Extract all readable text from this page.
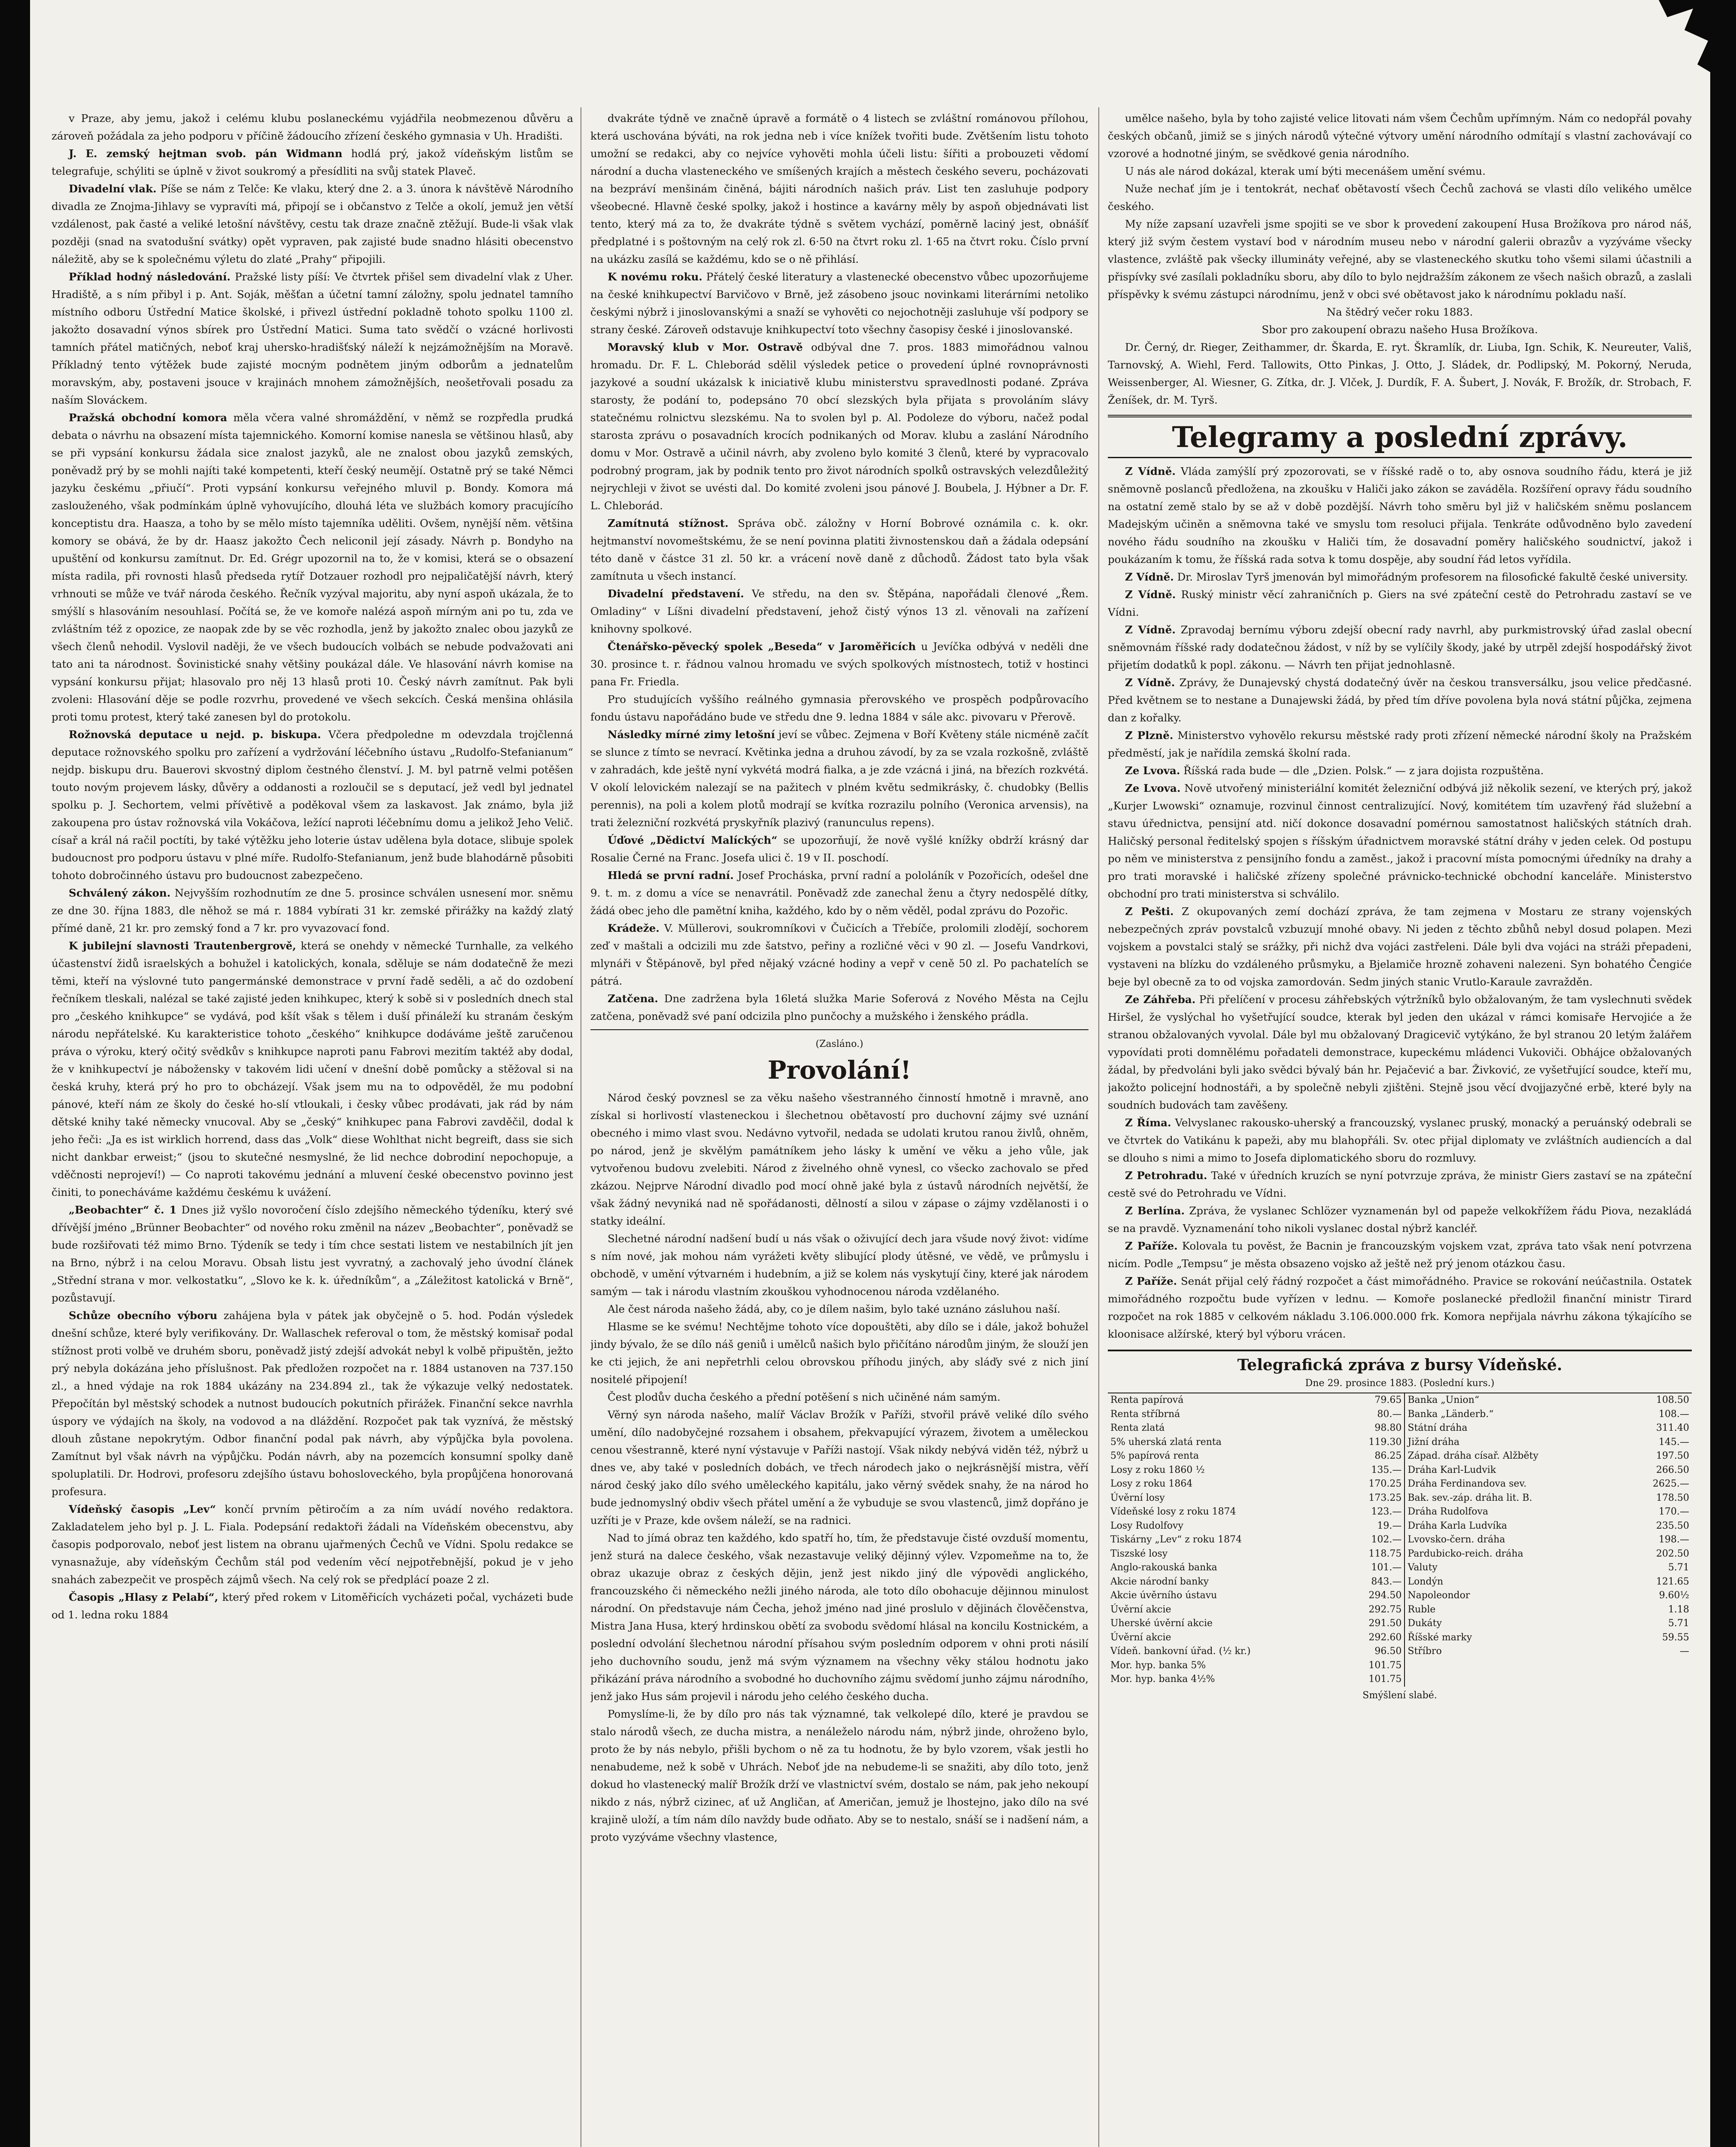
v Praze, aby jemu, jakož i celému klubu poslaneckému vyjádřila neobmezenou důvěru a zároveň požádala za jeho podporu v příčině žádoucího zřízení českého gymnasia v Uh. Hradišti.

J. E. zemský hejtman svob. pán Widmann hodlá prý, jakož vídeňským listům se telegrafuje, schýliti se úplně v život soukromý a přesídliti na svůj statek Plaveč.

Divadelní vlak. Píše se nám z Telče: Ke vlaku, který dne 2. a 3. února k návštěvě Národního divadla ze Znojma-Jihlavy se vypravíti má, připojí se i občanstvo z Telče a okolí, jemuž jen větší vzdálenost, pak časté a veliké letošní návštěvy, cestu tak draze značně ztěžují. Bude-li však vlak později (snad na svatodušní svátky) opět vypraven, pak zajisté bude snadno hlásiti obecenstvo náležitě, aby se k společnému výletu do zlaté „Prahy“ připojili.

Příklad hodný následování. Pražské listy píší: Ve čtvrtek přišel sem divadelní vlak z Uher. Hradiště, a s ním přibyl i p. Ant. Soják, měšťan a účetní tamní záložny, spolu jednatel tamního místního odboru Ústřední Matice školské, i přivezl ústřední pokladně tohoto spolku 1100 zl. jakožto dosavadní výnos sbírek pro Ústřední Matici. Suma tato svědčí o vzácné horlivosti tamních přátel matičných, neboť kraj uhersko-hradišťský náleží k nejzámožnějším na Moravě. Příkladný tento výtěžek bude zajisté mocným podnětem jiným odborům a jednatelům moravským, aby, postaveni jsouce v krajinách mnohem zámožnějších, neošetřovali posadu za naším Slováckem.

Pražská obchodní komora měla včera valné shromáždění, v němž se rozpředla prudká debata o návrhu na obsazení místa tajemnického. Komorní komise nanesla se většinou hlasů, aby se při vypsání konkursu žádala sice znalost jazyků, ale ne znalost obou jazyků zemských, poněvadž prý by se mohli najíti také kompetenti, kteří český neumějí. Ostatně prý se také Němci jazyku českému „přiučí“. Proti vypsání konkursu veřejného mluvil p. Bondy. Komora má zaslouženého, však podmínkám úplně vyhovujícího, dlouhá léta ve službách komory pracujícího konceptistu dra. Haasza, a toho by se mělo místo tajemníka uděliti. Ovšem, nynější něm. většina komory se obává, že by dr. Haasz jakožto Čech neliconil její zásady. Návrh p. Bondyho na upuštění od konkursu zamítnut. Dr. Ed. Grégr upozornil na to, že v komisi, která se o obsazení místa radila, při rovnosti hlasů předseda rytíř Dotzauer rozhodl pro nejpaličatější návrh, který vrhnouti se může ve tvář národa českého. Řečník vyzýval majoritu, aby nyní aspoň ukázala, že to smýšlí s hlasováním nesouhlasí. Počítá se, že ve komoře nalézá aspoň mírným ani po tu, zda ve zvláštním též z opozice, ze naopak zde by se věc rozhodla, jenž by jakožto znalec obou jazyků ze všech členů nehodil. Vyslovil naději, že ve všech budoucích volbách se nebude podvažovati ani tato ani ta národnost. Šovinistické snahy většiny poukázal dále. Ve hlasování návrh komise na vypsání konkursu přijat; hlasovalo pro něj 13 hlasů proti 10. Český návrh zamítnut. Pak byli zvoleni: Hlasování děje se podle rozvrhu, provedené ve všech sekcích. Česká menšina ohlásila proti tomu protest, který také zanesen byl do protokolu.

Rožnovská deputace u nejd. p. biskupa. Včera předpoledne m odevzdala trojčlenná deputace rožnovského spolku pro zařízení a vydržování léčebního ústavu „Rudolfo-Stefanianum“ nejdp. biskupu dru. Bauerovi skvostný diplom čestného členství. J. M. byl patrně velmi potěšen touto novým projevem lásky, důvěry a oddanosti a rozloučil se s deputací, jež vedl byl jednatel spolku p. J. Sechortem, velmi přívětivě a poděkoval všem za laskavost. Jak známo, byla již zakoupena pro ústav rožnovská vila Vokáčova, ležící naproti léčebnímu domu a jelikož Jeho Velič. císař a král ná račil poctíti, by také výtěžku jeho loterie ústav udělena byla dotace, slibuje spolek budoucnost pro podporu ústavu v plné míře. Rudolfo-Stefanianum, jenž bude blahodárně působiti tohoto dobročinného ústavu pro budoucnost zabezpečeno.

Schválený zákon. Nejvyšším rozhodnutím ze dne 5. prosince schválen usnesení mor. sněmu ze dne 30. října 1883, dle něhož se má r. 1884 vybírati 31 kr. zemské přirážky na každý zlatý přímé daně, 21 kr. pro zemský fond a 7 kr. pro vyvazovací fond.

K jubilejní slavnosti Trautenbergrově, která se onehdy v německé Turnhalle, za velkého účastenství židů israelských a bohužel i katolických, konala, sděluje se nám dodatečně že mezi těmi, kteří na výslovné tuto pangermánské demonstrace v první řadě seděli, a ač do ozdobení řečníkem tleskali, nalézal se také zajisté jeden knihkupec, který k sobě si v posledních dnech stal pro „českého knihkupce“ se vydává, pod kšít však s tělem i duší přináleží ku stranám českým národu nepřátelské. Ku karakteristice tohoto „českého“ knihkupce dodáváme ještě zaručenou práva o výroku, který očitý svědkův s knihkupce naproti panu Fabrovi mezitím taktéž aby dodal, že v knihkupectví je nábožensky v takovém lidi učení v dnešní době pomůcky a stěžoval si na česká kruhy, která prý ho pro to obcházejí. Však jsem mu na to odpověděl, že mu podobní pánové, kteří nám ze školy do české ho-slí vtloukali, i česky vůbec prodávati, jak rád by nám dětské knihy také německy vnucoval. Aby se „český“ knihkupec pana Fabrovi zavděčil, dodal k jeho řeči: „Ja es ist wirklich horrend, dass das „Volk“ diese Wohlthat nicht begreift, dass sie sich nicht dankbar erweist;“ (jsou to skutečné nesmyslné, že lid nechce dobrodiní nepochopuje, a vděčnosti neprojeví!) — Co naproti takovému jednání a mluvení české obecenstvo povinno jest činiti, to ponecháváme každému českému k uvážení.

„Beobachter“ č. 1 Dnes již vyšlo novoročení číslo zdejšího německého týdeníku, který své dřívější jméno „Brünner Beobachter“ od nového roku změnil na název „Beobachter“, poněvadž se bude rozšiřovati též mimo Brno. Týdeník se tedy i tím chce sestati listem ve nestabilních jít jen na Brno, nýbrž i na celou Moravu. Obsah listu jest vyvratný, a zachovalý jeho úvodní článek „Střední strana v mor. velkostatku“, „Slovo ke k. k. úředníkům“, a „Záležitost katolická v Brně“, pozůstavují.

Schůze obecního výboru zahájena byla v pátek jak obyčejně o 5. hod. Podán výsledek dnešní schůze, které byly verifikovány. Dr. Wallaschek referoval o tom, že městský komisař podal stížnost proti volbě ve druhém sboru, poněvadž jistý zdejší advokát nebyl k volbě připuštěn, ježto prý nebyla dokázána jeho příslušnost. Pak předložen rozpočet na r. 1884 ustanoven na 737.150 zl., a hned výdaje na rok 1884 ukázány na 234.894 zl., tak že výkazuje velký nedostatek. Přepočítán byl městský schodek a nutnost budoucích pokutních přirážek. Finanční sekce navrhla úspory ve výdajích na školy, na vodovod a na dláždění. Rozpočet pak tak vyznívá, že městský dlouh zůstane nepokrytým. Odbor finanční podal pak návrh, aby výpůjčka byla povolena. Zamítnut byl však návrh na výpůjčku. Podán návrh, aby na pozemcích konsumní spolky daně spoluplatili. Dr. Hodrovi, profesoru zdejšího ústavu bohosloveckého, byla propůjčena honorovaná profesura.

Vídeňský časopis „Lev“ končí prvním pětiročím a za ním uvádí nového redaktora. Zakladatelem jeho byl p. J. L. Fiala. Podepsání redaktoři žádali na Vídeňském obecenstvu, aby časopis podporovalo, neboť jest listem na obranu ujařmených Čechů ve Vídni. Spolu redakce se vynasnažuje, aby vídeňským Čechům stál pod vedením věcí nejpotřebnější, pokud je v jeho snahách zabezpečit ve prospěch zájmů všech. Na celý rok se předplácí poaze 2 zl.

Časopis „Hlasy z Pelabí“, který před rokem v Litoměřicích vycházeti počal, vycházeti bude od 1. ledna roku 1884

dvakráte týdně ve značně úpravě a formátě o 4 listech se zvláštní románovou přílohou, která uschována býváti, na rok jedna neb i více knížek tvořiti bude. Zvětšením listu tohoto umožní se redakci, aby co nejvíce vyhověti mohla účeli listu: šířiti a probouzeti vědomí národní a ducha vlasteneckého ve smíšených krajích a městech českého severu, pocházovati na bezpráví menšinám činěná, bájiti národních našich práv. List ten zasluhuje podpory všeobecné. Hlavně české spolky, jakož i hostince a kavárny měly by aspoň objednávati list tento, který má za to, že dvakráte týdně s světem vychází, poměrně laciný jest, obnášíť předplatné i s poštovným na celý rok zl. 6·50 na čtvrt roku zl. 1·65 na čtvrt roku. Číslo první na ukázku zasílá se každému, kdo se o ně přihlásí.

K novému roku. Přátelý české literatury a vlastenecké obecenstvo vůbec upozorňujeme na české knihkupectví Barvičovo v Brně, jež zásobeno jsouc novinkami literárními netoliko českými nýbrž i jinoslovanskými a snaží se vyhověti co nejochotněji zasluhuje vší podpory se strany české. Zároveň odstavuje knihkupectví toto všechny časopisy české i jinoslovanské.

Moravský klub v Mor. Ostravě odbýval dne 7. pros. 1883 mimořádnou valnou hromadu. Dr. F. L. Chleborád sdělil výsledek petice o provedení úplné rovnoprávnosti jazykové a soudní ukázalsk k iniciativě klubu ministerstvu spravedlnosti podané. Zpráva starosty, že podání to, podepsáno 70 obcí slezských byla přijata s provoláním slávy statečnému rolnictvu slezskému. Na to svolen byl p. Al. Podoleze do výboru, načež podal starosta zprávu o posavadních krocích podnikaných od Morav. klubu a zaslání Národního domu v Mor. Ostravě a učinil návrh, aby zvoleno bylo komité 3 členů, které by vypracovalo podrobný program, jak by podnik tento pro život národních spolků ostravských velezdůležitý nejrychleji v život se uvésti dal. Do komité zvoleni jsou pánové J. Boubela, J. Hýbner a Dr. F. L. Chleborád.

Zamítnutá stížnost. Správa obč. záložny v Horní Bobrové oznámila c. k. okr. hejtmanství novomeštskému, že se není povinna platiti živnostenskou daň a žádala odepsání této daně v částce 31 zl. 50 kr. a vrácení nově daně z důchodů. Žádost tato byla však zamítnuta u všech instancí.

Divadelní představení. Ve středu, na den sv. Štěpána, napořádali členové „Řem. Omladiny“ v Líšni divadelní představení, jehož čistý výnos 13 zl. věnovali na zařízení knihovny spolkové.

Čtenářsko-pěvecký spolek „Beseda“ v Jaroměřicích u Jevíčka odbývá v neděli dne 30. prosince t. r. řádnou valnou hromadu ve svých spolkových místnostech, totiž v hostinci pana Fr. Friedla.

Pro studujících vyššího reálného gymnasia přerovského ve prospěch podpůrovacího fondu ústavu napořádáno bude ve středu dne 9. ledna 1884 v sále akc. pivovaru v Přerově.

Následky mírné zimy letošní jeví se vůbec. Zejmena v Boří Květeny stále nicméně začít se slunce z tímto se nevrací. Květinka jedna a druhou závodí, by za se vzala rozkošně, zvláště v zahradách, kde ještě nyní vykvétá modrá fialka, a je zde vzácná i jiná, na březích rozkvétá. V okolí lelovickém nalezají se na pažitech v plném květu sedmikrásky, č. chudobky (Bellis perennis), na poli a kolem plotů modrají se kvítka rozrazilu polního (Veronica arvensis), na trati železniční rozkvétá pryskyřník plazivý (ranunculus repens).

Úďové „Dědictví Malíckých“ se upozorňují, že nově vyšlé knížky obdrží krásný dar Rosalie Černé na Franc. Josefa ulici č. 19 v II. poschodí.

Hledá se první radní. Josef Procháska, první radní a pololáník v Pozořicích, odešel dne 9. t. m. z domu a více se nenavrátil. Poněvadž zde zanechal ženu a čtyry nedospělé dítky, žádá obec jeho dle pamětní kniha, každého, kdo by o něm věděl, podal zprávu do Pozořic.

Krádeže. V. Müllerovi, soukromníkovi v Čučicích a Třebíče, prolomili zlodějí, sochorem zeď v maštali a odcizili mu zde šatstvo, peřiny a rozličné věci v 90 zl. — Josefu Vandrkovi, mlynáři v Štěpánově, byl před nějaký vzácné hodiny a vepř v ceně 50 zl. Po pachatelích se pátrá.

Zatčena. Dne zadržena byla 16letá služka Marie Soferová z Nového Města na Cejlu zatčena, poněvadž své paní odcizila plno punčochy a mužského i ženského prádla.

(Zasláno.)

Provolání!

Národ český povznesl se za věku našeho všestranného činností hmotně i mravně, ano získal si horlivostí vlasteneckou i šlechetnou obětavostí pro duchovní zájmy své uznání obecného i mimo vlast svou. Nedávno vytvořil, nedada se udolati krutou ranou živlů, ohněm, po národ, jenž je skvělým památníkem jeho lásky k umění ve věku a jeho vůle, jak vytvořenou budovu zvelebiti. Národ z živelného ohně vynesl, co všecko zachovalo se před zkázou. Nejprve Národní divadlo pod mocí ohně jaké byla z ústavů národních největší, že však žádný nevyniká nad ně spořádanosti, dělností a silou v zápase o zájmy vzdělanosti i o statky ideální.

Slechetné národní nadšení budí u nás však o oživující dech jara všude nový život: vidíme s ním nové, jak mohou nám vyrážeti květy slibující plody útěsné, ve vědě, ve průmyslu i obchodě, v umění výtvarném i hudebním, a již se kolem nás vyskytují činy, které jak národem samým — tak i národu vlastním zkouškou vyhodnocenou národa vzdělaného.

Ale čest národa našeho žádá, aby, co je dílem našim, bylo také uznáno zásluhou naší.

Hlasme se ke svému! Nechtějme tohoto více dopouštěti, aby dílo se i dále, jakož bohužel jindy bývalo, že se dílo náš geniů i umělců našich bylo přičítáno národům jiným, že slouží jen ke cti jejich, že ani nepřetrhli celou obrovskou příhodu jiných, aby sláďy své z nich jiní nositelé připojení!

Čest plodův ducha českého a přední potěšení s nich učiněné nám samým.

Věrný syn národa našeho, malíř Václav Brožík v Paříži, stvořil právě veliké dílo svého umění, dílo nadobyčejné rozsahem i obsahem, překvapující výrazem, životem a uměleckou cenou všestranně, které nyní výstavuje v Paříži nastojí. Však nikdy nebývá viděn též, nýbrž u dnes ve, aby také v posledních dobách, ve třech národech jako o nejkrásnější mistra, věří národ český jako dílo svého uměleckého kapitálu, jako věrný svědek snahy, že na národ ho bude jednomyslný obdiv všech přátel umění a že vybuduje se svou vlastenců, jimž dopřáno je uzříti je v Praze, kde ovšem náleží, se na radnici.

Nad to jímá obraz ten každého, kdo spatří ho, tím, že představuje čisté ovzduší momentu, jenž sturá na dalece českého, však nezastavuje veliký dějinný výlev. Vzpomeňme na to, že obraz ukazuje obraz z českých dějin, jenž jest nikdo jiný dle výpovědi anglického, francouzského či německého nežli jiného národa, ale toto dílo obohacuje dějinnou minulost národní. On představuje nám Čecha, jehož jméno nad jiné proslulo v dějinách člověčenstva, Mistra Jana Husa, který hrdinskou obětí za svobodu svědomí hlásal na koncilu Kostnickém, a poslední odvolání šlechetnou národní přísahou svým posledním odporem v ohni proti násilí jeho duchovního soudu, jenž má svým významem na všechny věky stálou hodnotu jako přikázání práva národního a svobodné ho duchovního zájmu svědomí junho zájmu národního, jenž jako Hus sám projevil i národu jeho celého českého ducha.

Pomyslíme-li, že by dílo pro nás tak významné, tak velkolepé dílo, které je pravdou se stalo národů všech, ze ducha mistra, a nenáleželo národu nám, nýbrž jinde, ohroženo bylo, proto že by nás nebylo, přišli bychom o ně za tu hodnotu, že by bylo vzorem, však jestli ho nenabudeme, než k sobě v Uhrách. Neboť jde na nebudeme-li se snažiti, aby dílo toto, jenž dokud ho vlastenecký malíř Brožík drží ve vlastnictví svém, dostalo se nám, pak jeho nekoupí nikdo z nás, nýbrž cizinec, ať už Angličan, ať Američan, jemuž je lhostejno, jako dílo na své krajině uloží, a tím nám dílo navždy bude odňato. Aby se to nestalo, snáší se i nadšení nám, a proto vyzýváme všechny vlastence,

umělce našeho, byla by toho zajisté velice litovati nám všem Čechům upřímným. Nám co nedopřál povahy českých občanů, jimiž se s jiných národů výtečné výtvory umění národního odmítají s vlastní zachovávají co vzorové a hodnotné jiným, se svědkové genia národního.

U nás ale národ dokázal, kterak umí býti mecenášem umění svému.

Nuže nechať jím je i tentokrát, nechať obětavostí všech Čechů zachová se vlasti dílo velikého umělce českého.

My níže zapsaní uzavřeli jsme spojiti se ve sbor k provedení zakoupení Husa Brožíkova pro národ náš, který již svým čestem vystaví bod v národním museu nebo v národní galerii obrazův a vyzýváme všecky vlastence, zvláště pak všecky illumináty veřejné, aby se vlasteneckého skutku toho všemi silami účastnili a přispívky své zasílali pokladníku sboru, aby dílo to bylo nejdražším zákonem ze všech našich obrazů, a zaslali příspěvky k svému zástupci národnímu, jenž v obci své obětavost jako k národnímu pokladu naší.

Na štědrý večer roku 1883.

Sbor pro zakoupení obrazu našeho Husa Brožíkova.

Dr. Černý, dr. Rieger, Zeithammer, dr. Škarda, E. ryt. Škramlík, dr. Liuba, Ign. Schik, K. Neureuter, Vališ, Tarnovský, A. Wiehl, Ferd. Tallowits, Otto Pinkas, J. Otto, J. Sládek, dr. Podlipský, M. Pokorný, Neruda, Weissenberger, Al. Wiesner, G. Zítka, dr. J. Vlček, J. Durdík, F. A. Šubert, J. Novák, F. Brožík, dr. Strobach, F. Ženíšek, dr. M. Tyrš.

Telegramy a poslední zprávy.

Z Vídně. Vláda zamýšlí prý zpozorovati, se v říšské radě o to, aby osnova soudního řádu, která je již sněmovně poslanců předložena, na zkoušku v Haliči jako zákon se zaváděla. Rozšíření opravy řádu soudního na ostatní země stalo by se až v době pozdější. Návrh toho směru byl již v haličském sněmu poslancem Madejským učiněn a sněmovna také ve smyslu tom resoluci přijala. Tenkráte odůvodněno bylo zavedení nového řádu soudního na zkoušku v Haliči tím, že dosavadní poměry haličského soudnictví, jakož i poukázaním k tomu, že říšská rada sotva k tomu dospěje, aby soudní řád letos vyřídila.

Z Vídně. Dr. Miroslav Tyrš jmenován byl mimořádným profesorem na filosofické fakultě české university.

Z Vídně. Ruský ministr věcí zahraničních p. Giers na své zpáteční cestě do Petrohradu zastaví se ve Vídni.

Z Vídně. Zpravodaj bernímu výboru zdejší obecní rady navrhl, aby purkmistrovský úřad zaslal obecní sněmovnám říšské rady dodatečnou žádost, v níž by se vylíčily škody, jaké by utrpěl zdejší hospodářský život přijetím dodatků k popl. zákonu. — Návrh ten přijat jednohlasně.

Z Vídně. Zprávy, že Dunajevský chystá dodatečný úvěr na českou transversálku, jsou velice předčasné. Před květnem se to nestane a Dunajewski žádá, by před tím dříve povolena byla nová státní půjčka, zejmena dan z kořalky.

Z Plzně. Ministerstvo vyhovělo rekursu městské rady proti zřízení německé národní školy na Pražském předměstí, jak je nařídila zemská školní rada.

Ze Lvova. Říšská rada bude — dle „Dzien. Polsk.“ — z jara dojista rozpuštěna.

Ze Lvova. Nově utvořený ministeriální komitét železniční odbývá již několik sezení, ve kterých prý, jakož „Kurjer Lwowski“ oznamuje, rozvinul činnost centralizující. Nový, komitétem tím uzavřený řád služební a stavu úřednictva, pensijní atd. ničí dokonce dosavadní pomérnou samostatnost haličských státních drah. Haličský personal ředitelský spojen s říšským úřadnictvem moravské státní dráhy v jeden celek. Od postupu po něm ve ministerstva z pensijního fondu a zaměst., jakož i pracovní místa pomocnými úředníky na drahy a pro trati moravské i haličské zřízeny společné právnicko-technické obchodní kanceláře. Ministerstvo obchodní pro trati ministerstva si schválilo.

Z Pešti. Z okupovaných zemí dochází zpráva, že tam zejmena v Mostaru ze strany vojenských nebezpečných zpráv povstalců vzbuzují mnohé obavy. Ni jeden z těchto zbůhů nebyl dosud polapen. Mezi vojskem a povstalci stalý se srážky, při nichž dva vojáci zastřeleni. Dále byli dva vojáci na stráži přepadeni, vystaveni na blízku do vzdáleného průsmyku, a Bjelamiče hrozně zohaveni nalezeni. Syn bohatého Čengiće beje byl obecně za to od vojska zamordován. Sedm jiných stanic Vrutlo-Karaule zavražděn.

Ze Záhřeba. Při přelíčení v procesu záhřebských výtržníků bylo obžalovaným, že tam vyslechnuti svědek Hiršel, že vyslýchal ho vyšetřující soudce, kterak byl jeden den ukázal v rámci komisaře Hervojiće a že stranou obžalovaných vyvolal. Dále byl mu obžalovaný Dragicevič vytýkáno, že byl stranou 20 letým žalářem vypovídati proti domnělému pořadateli demonstrace, kupeckému mládenci Vukoviči. Obhájce obžalovaných žádal, by předvoláni byli jako svědci bývalý bán hr. Pejačević a bar. Živković, ze vyšetřující soudce, kteří mu, jakožto policejní hodnostáři, a by společně nebyli zjištěni. Stejně jsou věcí dvojjazyčné erbě, které byly na soudních budovách tam zavěšeny.

Z Říma. Velvyslanec rakousko-uherský a francouzský, vyslanec pruský, monacký a peruánský odebrali se ve čtvrtek do Vatikánu k papeži, aby mu blahopřáli. Sv. otec přijal diplomaty ve zvláštních audiencích a dal se dlouho s nimi a mimo to Josefa diplomatického sboru do rozmluvy.

Z Petrohradu. Také v úředních kruzích se nyní potvrzuje zpráva, že ministr Giers zastaví se na zpáteční cestě své do Petrohradu ve Vídni.

Z Berlína. Zpráva, že vyslanec Schlözer vyznamenán byl od papeže velkokřížem řádu Piova, nezakládá se na pravdě. Vyznamenání toho nikoli vyslanec dostal nýbrž kancléř.

Z Paříže. Kolovala tu pověst, že Bacnin je francouzským vojskem vzat, zpráva tato však není potvrzena nicím. Podle „Tempsu“ je města obsazeno vojsko až ještě než prý jenom otázkou času.

Z Paříže. Senát přijal celý řádný rozpočet a část mimořádného. Pravice se rokování neúčastnila. Ostatek mimořádného rozpočtu bude vyřízen v lednu. — Komoře poslanecké předložil finanční ministr Tirard rozpočet na rok 1885 v celkovém nákladu 3.106.000.000 frk. Komora nepřijala návrhu zákona týkajícího se kloonisace alžírské, který byl výboru vrácen.

Telegrafická zpráva z bursy Vídeňské.
Dne 29. prosince 1883. (Poslední kurs.)
Renta papírová	79.65	Banka „Union“	108.50
Renta stříbrná	80.—	Banka „Länderb.“	108.—
Renta zlatá	98.80	Státní dráha	311.40
5% uherská zlatá renta	119.30	Jižní dráha	145.—
5% papírová renta	86.25	Západ. dráha císař. Alžběty	197.50
Losy z roku 1860 ½	135.—	Dráha Karl-Ludvik	266.50
Losy z roku 1864	170.25	Dráha Ferdinandova sev.	2625.—
Úvěrní losy	173.25	Bak. sev.-záp. dráha lit. B.	178.50
Vídeňské losy z roku 1874	123.—	Dráha Rudolfova	170.—
Losy Rudolfovy	19.—	Dráha Karla Ludvíka	235.50
Tiskárny „Lev“ z roku 1874	102.—	Lvovsko-čern. dráha	198.—
Tiszské losy	118.75	Pardubicko-reich. dráha	202.50
Anglo-rakouská banka	101.—	Valuty	5.71
Akcie národní banky	843.—	Londýn	121.65
Akcie úvěrního ústavu	294.50	Napoleondor	9.60½
Úvěrní akcie	292.75	Ruble	1.18
Uherské úvěrní akcie	291.50	Dukáty	5.71
Úvěrní akcie	292.60	Říšské marky	59.55
Vídeň. bankovní úřad. (½ kr.)	96.50	Stříbro	—
Mor. hyp. banka 5%	101.75		
Mor. hyp. banka 4½%	101.75		

Smýšlení slabé.
